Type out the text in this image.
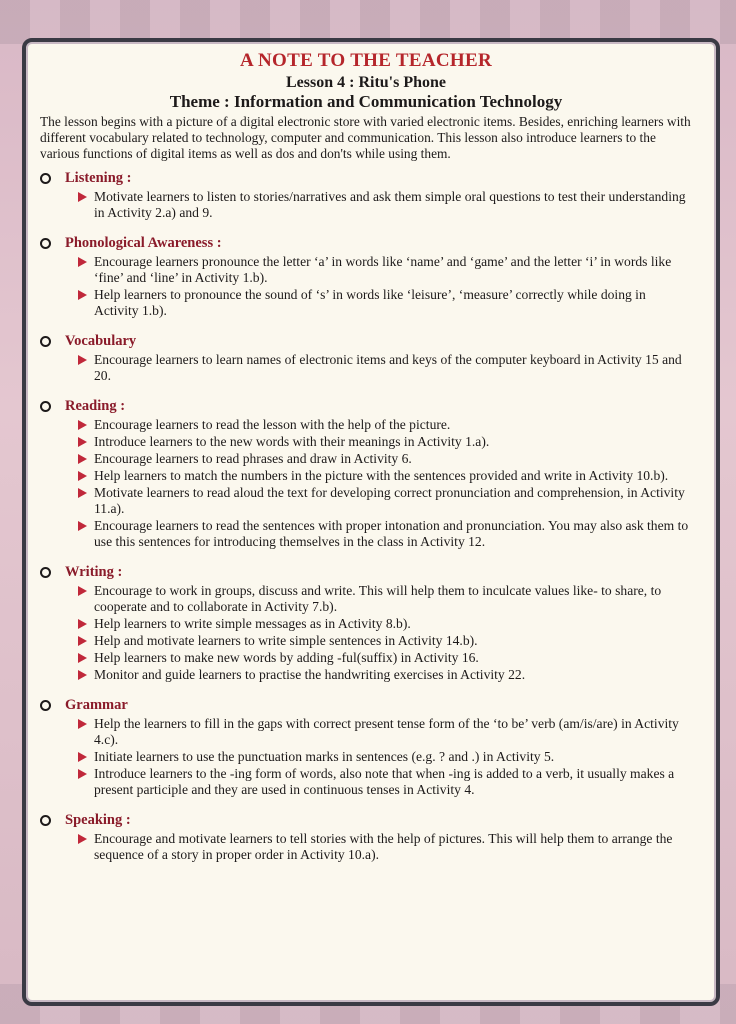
A NOTE TO THE TEACHER
Lesson 4 : Ritu's Phone
Theme : Information and Communication Technology

The lesson begins with a picture of a digital electronic store with varied electronic items. Besides, enriching learners with different vocabulary related to technology, computer and communication. This lesson also introduce learners to the various functions of digital items as well as dos and don'ts while using them.

Listening :
Motivate learners to listen to stories/narratives and ask them simple oral questions to test their understanding in Activity 2.a) and 9.
Phonological Awareness :
Encourage learners pronounce the letter ‘a’ in words like ‘name’ and ‘game’ and the letter ‘i’ in words like ‘fine’ and ‘line’ in Activity 1.b).
Help learners to pronounce the sound of ‘s’ in words like ‘leisure’, ‘measure’ correctly while doing in Activity 1.b).
Vocabulary
Encourage learners to learn names of electronic items and keys of the computer keyboard in Activity 15 and 20.
Reading :
Encourage learners to read the lesson with the help of the picture.
Introduce learners to the new words with their meanings in Activity 1.a).
Encourage learners to read phrases and draw in Activity 6.
Help learners to match the numbers in the picture with the sentences provided and write in Activity 10.b).
Motivate learners to read aloud the text for developing correct pronunciation and comprehension, in Activity 11.a).
Encourage learners to read the sentences with proper intonation and pronunciation. You may also ask them to use this sentences for introducing themselves in the class in Activity 12.
Writing :
Encourage to work in groups, discuss and write. This will help them to inculcate values like- to share, to cooperate and to collaborate in Activity 7.b).
Help learners to write simple messages as in Activity 8.b).
Help and motivate learners to write simple sentences in Activity 14.b).
Help learners to make new words by adding -ful(suffix) in Activity 16.
Monitor and guide learners to practise the handwriting exercises in Activity 22.
Grammar
Help the learners to fill in the gaps with correct present tense form of the ‘to be’ verb (am/is/are) in Activity 4.c).
Initiate learners to use the punctuation marks in sentences (e.g. ? and .) in Activity 5.
Introduce learners to the -ing form of words, also note that when -ing is added to a verb, it usually makes a present participle and they are used in continuous tenses in Activity 4.
Speaking :
Encourage and motivate learners to tell stories with the help of pictures. This will help them to arrange the sequence of a story in proper order in Activity 10.a).
